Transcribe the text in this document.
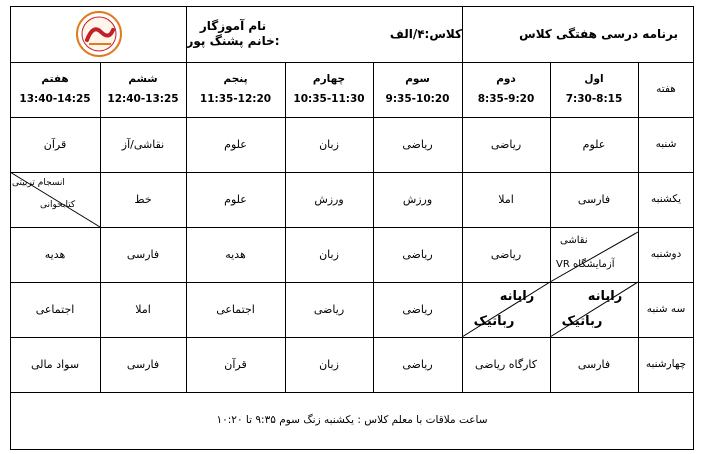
نام آموزگار :خانم پشنگ پور
کلاس:۴/الف	برنامه درسی هفتگی کلاس
هفته
انسجام تربیتی
کتابخوانی
نقاشی
آزمایشگاه VR
رایانه
رباتیک
رایانه
رباتیک
ساعت ملاقات با معلم کلاس : یکشنبه زنگ سوم ۹:۳۵ تا ۱۰:۲۰
اول
7:30-8:15
دوم
8:35-9:20
سوم
9:35-10:20
چهارم
10:35-11:30
پنجم
11:35-12:20
ششم
12:40-13:25
هفتم
13:40-14:25
شنبه
علوم
ریاضی
ریاضی
زبان
علوم
نقاشی/آز
قرآن
یکشنبه
فارسی
املا
ورزش
ورزش
علوم
خط
دوشنبه
ریاضی
ریاضی
زبان
هدیه
فارسی
هدیه
سه شنبه
ریاضی
ریاضی
اجتماعی
املا
اجتماعی
چهارشنبه
فارسی
کارگاه ریاضی
ریاضی
زبان
قرآن
فارسی
سواد مالی
